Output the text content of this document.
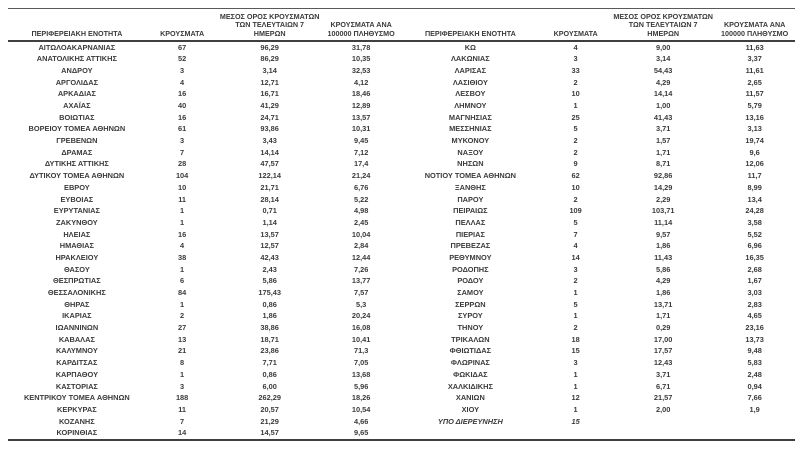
ΠΕΡΙΦΕΡΕΙΑΚΗ ΕΝΟΤΗΤΑ	ΚΡΟΥΣΜΑΤΑ	ΜΕΣΟΣ ΟΡΟΣ ΚΡΟΥΣΜΑΤΩΝ ΤΩΝ ΤΕΛΕΥΤΑΙΩΝ 7 ΗΜΕΡΩΝ	ΚΡΟΥΣΜΑΤΑ ΑΝΑ 100000 ΠΛΗΘΥΣΜΟ
ΑΙΤΩΛΟΑΚΑΡΝΑΝΙΑΣ	67	96,29	31,78
ΑΝΑΤΟΛΙΚΗΣ ΑΤΤΙΚΗΣ	52	86,29	10,35
ΑΝΔΡΟΥ	3	3,14	32,53
ΑΡΓΟΛΙΔΑΣ	4	12,71	4,12
ΑΡΚΑΔΙΑΣ	16	16,71	18,46
ΑΧΑΪΑΣ	40	41,29	12,89
ΒΟΙΩΤΙΑΣ	16	24,71	13,57
ΒΟΡΕΙΟΥ ΤΟΜΕΑ ΑΘΗΝΩΝ	61	93,86	10,31
ΓΡΕΒΕΝΩΝ	3	3,43	9,45
ΔΡΑΜΑΣ	7	14,14	7,12
ΔΥΤΙΚΗΣ ΑΤΤΙΚΗΣ	28	47,57	17,4
ΔΥΤΙΚΟΥ ΤΟΜΕΑ ΑΘΗΝΩΝ	104	122,14	21,24
ΕΒΡΟΥ	10	21,71	6,76
ΕΥΒΟΙΑΣ	11	28,14	5,22
ΕΥΡΥΤΑΝΙΑΣ	1	0,71	4,98
ΖΑΚΥΝΘΟΥ	1	1,14	2,45
ΗΛΕΙΑΣ	16	13,57	10,04
ΗΜΑΘΙΑΣ	4	12,57	2,84
ΗΡΑΚΛΕΙΟΥ	38	42,43	12,44
ΘΑΣΟΥ	1	2,43	7,26
ΘΕΣΠΡΩΤΙΑΣ	6	5,86	13,77
ΘΕΣΣΑΛΟΝΙΚΗΣ	84	175,43	7,57
ΘΗΡΑΣ	1	0,86	5,3
ΙΚΑΡΙΑΣ	2	1,86	20,24
ΙΩΑΝΝΙΝΩΝ	27	38,86	16,08
ΚΑΒΑΛΑΣ	13	18,71	10,41
ΚΑΛΥΜΝΟΥ	21	23,86	71,3
ΚΑΡΔΙΤΣΑΣ	8	7,71	7,05
ΚΑΡΠΑΘΟΥ	1	0,86	13,68
ΚΑΣΤΟΡΙΑΣ	3	6,00	5,96
ΚΕΝΤΡΙΚΟΥ ΤΟΜΕΑ ΑΘΗΝΩΝ	188	262,29	18,26
ΚΕΡΚΥΡΑΣ	11	20,57	10,54
ΚΟΖΑΝΗΣ	7	21,29	4,66
ΚΟΡΙΝΘΙΑΣ	14	14,57	9,65
ΠΕΡΙΦΕΡΕΙΑΚΗ ΕΝΟΤΗΤΑ	ΚΡΟΥΣΜΑΤΑ	ΜΕΣΟΣ ΟΡΟΣ ΚΡΟΥΣΜΑΤΩΝ ΤΩΝ ΤΕΛΕΥΤΑΙΩΝ 7 ΗΜΕΡΩΝ	ΚΡΟΥΣΜΑΤΑ ΑΝΑ 100000 ΠΛΗΘΥΣΜΟ
ΚΩ	4	9,00	11,63
ΛΑΚΩΝΙΑΣ	3	3,14	3,37
ΛΑΡΙΣΑΣ	33	54,43	11,61
ΛΑΣΙΘΙΟΥ	2	4,29	2,65
ΛΕΣΒΟΥ	10	14,14	11,57
ΛΗΜΝΟΥ	1	1,00	5,79
ΜΑΓΝΗΣΙΑΣ	25	41,43	13,16
ΜΕΣΣΗΝΙΑΣ	5	3,71	3,13
ΜΥΚΟΝΟΥ	2	1,57	19,74
ΝΑΞΟΥ	2	1,71	9,6
ΝΗΣΩΝ	9	8,71	12,06
ΝΟΤΙΟΥ ΤΟΜΕΑ ΑΘΗΝΩΝ	62	92,86	11,7
ΞΑΝΘΗΣ	10	14,29	8,99
ΠΑΡΟΥ	2	2,29	13,4
ΠΕΙΡΑΙΩΣ	109	103,71	24,28
ΠΕΛΛΑΣ	5	11,14	3,58
ΠΙΕΡΙΑΣ	7	9,57	5,52
ΠΡΕΒΕΖΑΣ	4	1,86	6,96
ΡΕΘΥΜΝΟΥ	14	11,43	16,35
ΡΟΔΟΠΗΣ	3	5,86	2,68
ΡΟΔΟΥ	2	4,29	1,67
ΣΑΜΟΥ	1	1,86	3,03
ΣΕΡΡΩΝ	5	13,71	2,83
ΣΥΡΟΥ	1	1,71	4,65
ΤΗΝΟΥ	2	0,29	23,16
ΤΡΙΚΑΛΩΝ	18	17,00	13,73
ΦΘΙΩΤΙΔΑΣ	15	17,57	9,48
ΦΛΩΡΙΝΑΣ	3	12,43	5,83
ΦΩΚΙΔΑΣ	1	3,71	2,48
ΧΑΛΚΙΔΙΚΗΣ	1	6,71	0,94
ΧΑΝΙΩΝ	12	21,57	7,66
ΧΙΟΥ	1	2,00	1,9
ΥΠΟ ΔΙΕΡΕΥΝΗΣΗ	15		
